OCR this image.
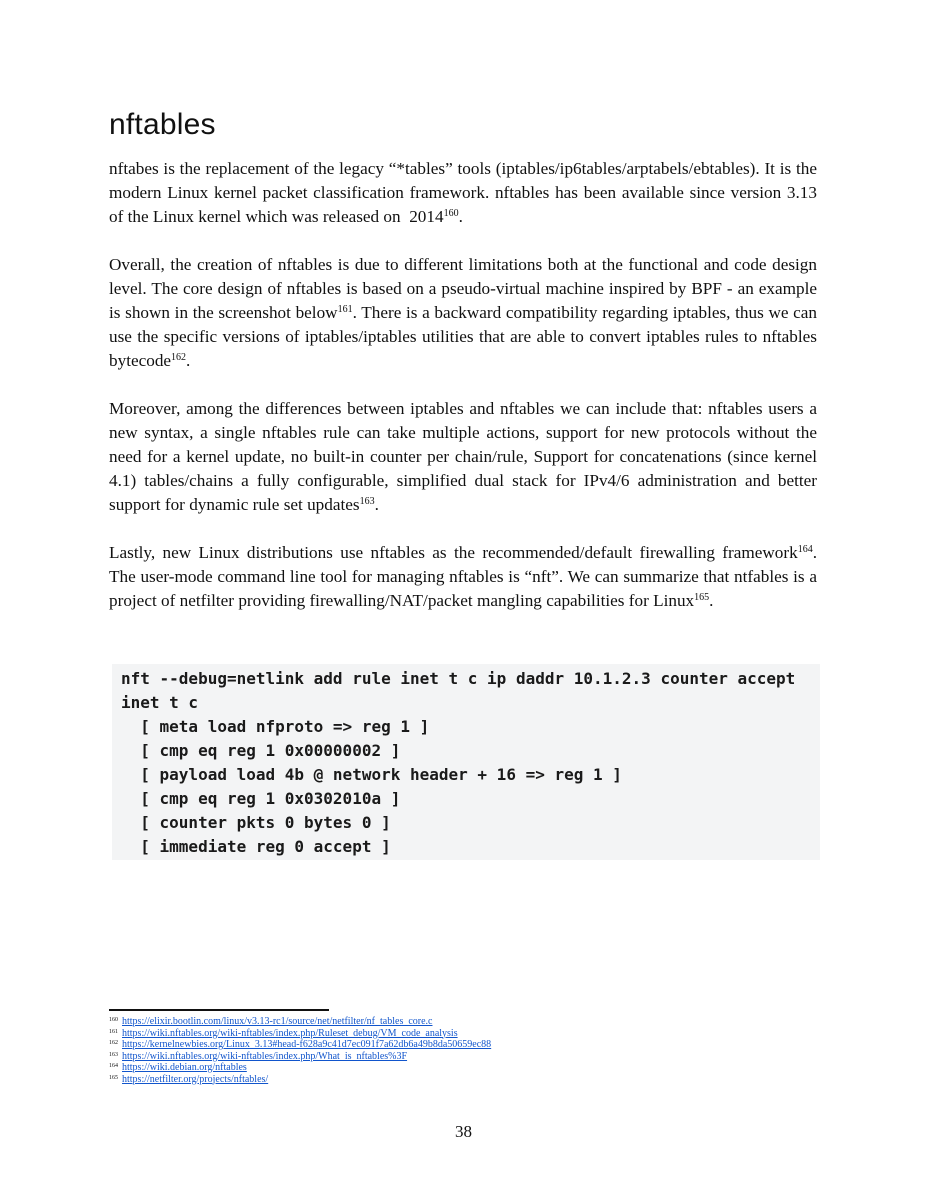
nftables

nftabes is the replacement of the legacy “*tables” tools (iptables/ip6tables/arptabels/ebtables). It is the modern Linux kernel packet classification framework. nftables has been available since version 3.13 of the Linux kernel which was released on  2014$^{160}$.

Overall, the creation of nftables is due to different limitations both at the functional and code design level. The core design of nftables is based on a pseudo-virtual machine inspired by BPF - an example is shown in the screenshot below$^{161}$. There is a backward compatibility regarding iptables, thus we can use the specific versions of iptables/iptables utilities that are able to convert iptables rules to nftables bytecode$^{162}$.

Moreover, among the differences between iptables and nftables we can include that: nftables users a new syntax, a single nftables rule can take multiple actions, support for new protocols without the need for a kernel update, no built-in counter per chain/rule, Support for concatenations (since kernel 4.1) tables/chains a fully configurable, simplified dual stack for IPv4/6 administration and better support for dynamic rule set updates$^{163}$.

Lastly, new Linux distributions use nftables as the recommended/default firewalling framework$^{164}$. The user-mode command line tool for managing nftables is “nft”. We can summarize that ntfables is a project of netfilter providing firewalling/NAT/packet mangling capabilities for Linux$^{165}$.

nft --debug=netlink add rule inet t c ip daddr 10.1.2.3 counter accept
inet t c
[ meta load nfproto => reg 1 ]
[ cmp eq reg 1 0x00000002 ]
[ payload load 4b @ network header + 16 => reg 1 ]
[ cmp eq reg 1 0x0302010a ]
[ counter pkts 0 bytes 0 ]
[ immediate reg 0 accept ]
$^{160}$ https://elixir.bootlin.com/linux/v3.13-rc1/source/net/netfilter/nf_tables_core.c
$^{161}$ https://wiki.nftables.org/wiki-nftables/index.php/Ruleset_debug/VM_code_analysis
$^{162}$ https://kernelnewbies.org/Linux_3.13#head-f628a9c41d7ec091f7a62db6a49b8da50659ec88
$^{163}$ https://wiki.nftables.org/wiki-nftables/index.php/What_is_nftables%3F
$^{164}$ https://wiki.debian.org/nftables
$^{165}$ https://netfilter.org/projects/nftables/

38
